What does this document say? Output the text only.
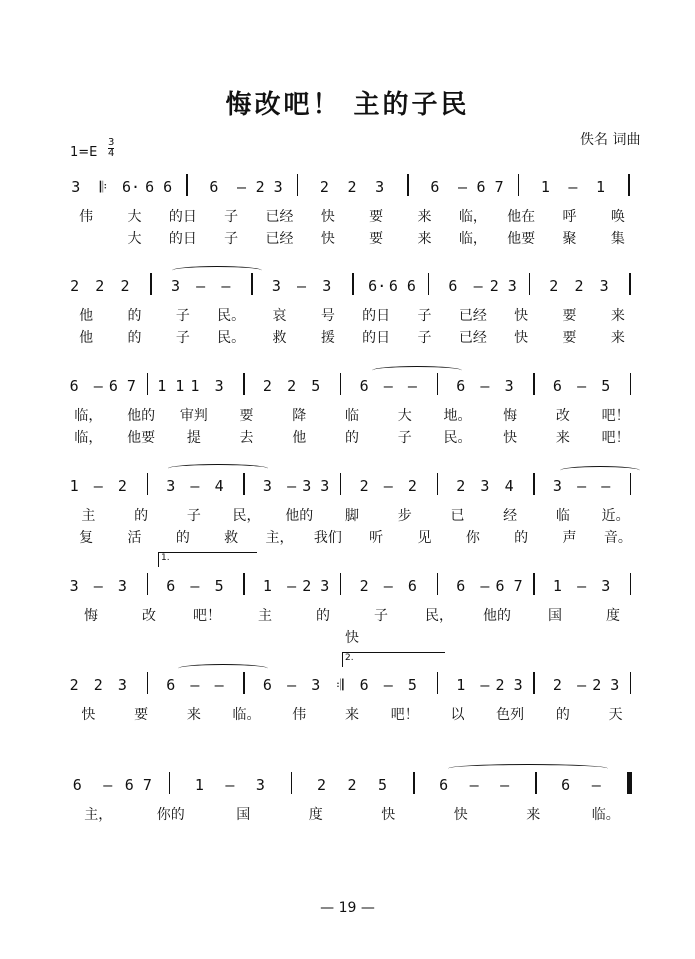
悔改吧！ 主的子民
佚名 词曲
$1=E \frac{3}{4}$
3 𝄆 6· 6 6 6 – 2 3 2 2 3	6 – 6 7 1 – 1
伟 大 的日 子 已经 快 要 来 临， 他在 呼 唤
大 的日 子 已经 快 要 来 临， 他要 聚 集
2 2 2	3 – –	3 – 3 6· 6 6 6 – 2 3 2 2 3
他 的 子 民。 哀 号 的日 子 已经 快 要 来
他 的 子 民。 救 援 的日 子 已经 快 要 来
6 – 6 7 1 1 1 3	2 2 5	6 – –	6 – 3	6 – 5
临， 他的 审判 要	降	临	大 地。 悔	改 吧！
临， 他要 提	去	他	的	子 民。 快	来 吧！
1 – 2	3 – 4	3 – 3 3 2 – 2	2 3 4	3 – –
主	的	子 民， 他的 脚	步	已	经	临 近。
复 活 的 救 主， 我们 听 见 你 的 声 音。
3 – 3	6 – 5	1 – 2 3 2 – 6	6 – 6 7 1 – 3
悔	改	吧！	主	的	子	民， 他的	国	度
快
2 2 3	6 – –	6 – 3 𝄇 6 – 5	1 – 2 3 2 – 2 3
快	要	来 临。 伟	来 吧！ 以 色列 的	天
6 – 6 7	1 – 3	2 2 5	6 – –	6 –
主，	你的	国	度	快	快	来	临。
1.
2.
— 19 —
